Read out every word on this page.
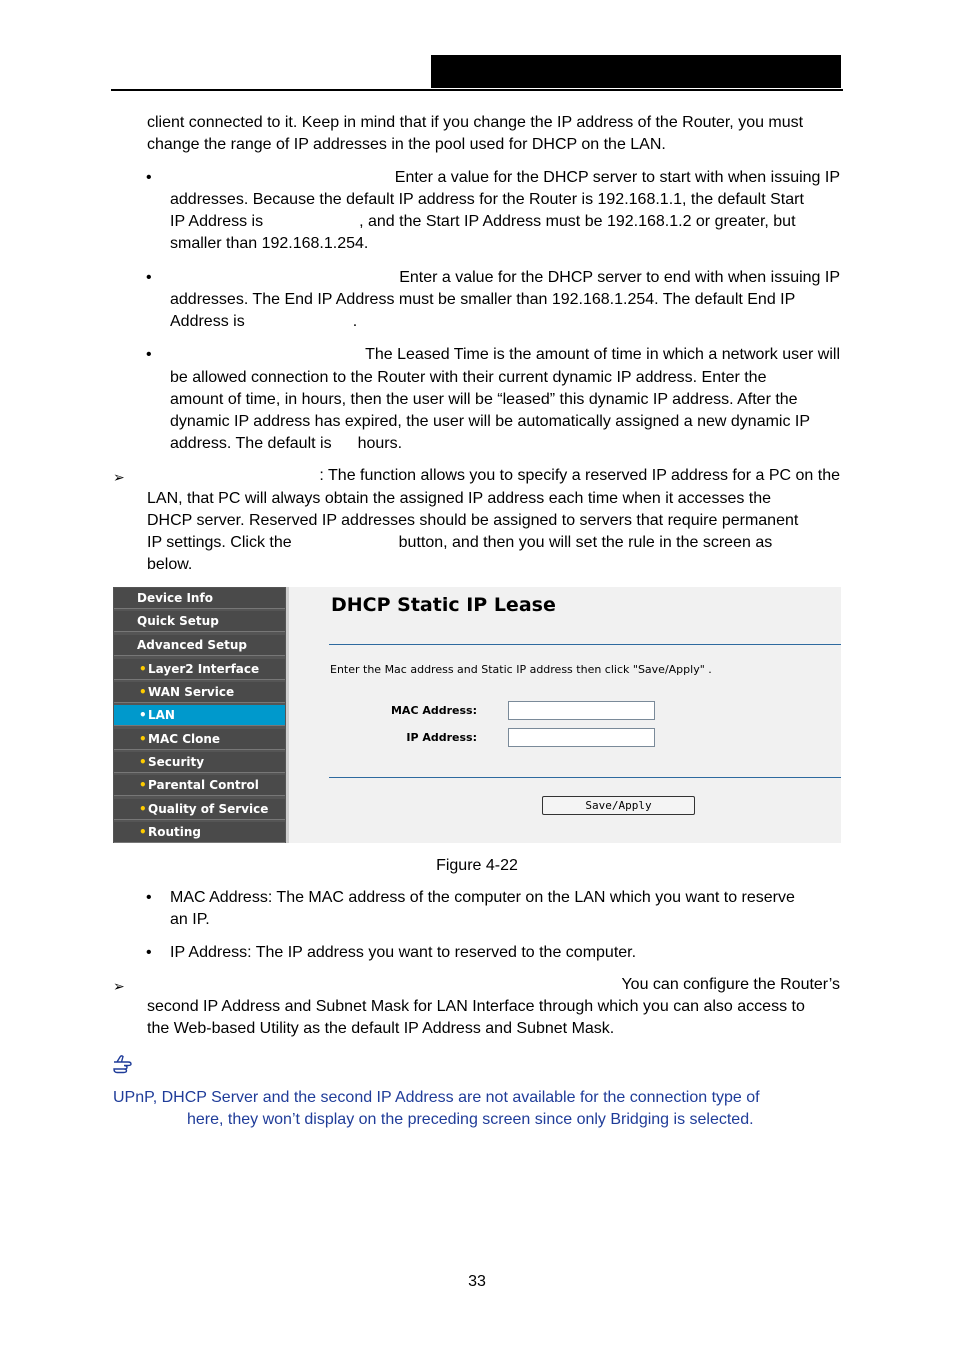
client connected to it. Keep in mind that if you change the IP address of the Router, you must

change the range of IP addresses in the pool used for DHCP on the LAN.

•	Enter a value for the DHCP server to start with when issuing IP

addresses. Because the default IP address for the Router is 192.168.1.1, the default Start

IP Address is	, and the Start IP Address must be 192.168.1.2 or greater, but

smaller than 192.168.1.254.

•	Enter a value for the DHCP server to end with when issuing IP

addresses. The End IP Address must be smaller than 192.168.1.254. The default End IP

Address is	.

•	The Leased Time is the amount of time in which a network user will

be allowed connection to the Router with their current dynamic IP address. Enter the

amount of time, in hours, then the user will be “leased” this dynamic IP address. After the

dynamic IP address has expired, the user will be automatically assigned a new dynamic IP

address. The default is hours.

➢	: The function allows you to specify a reserved IP address for a PC on the

LAN, that PC will always obtain the assigned IP address each time when it accesses the

DHCP server. Reserved IP addresses should be assigned to servers that require permanent

IP settings. Click the	button, and then you will set the rule in the screen as

below.

Device Info
Quick Setup
Advanced Setup
• Layer2 Interface
• WAN Service
• LAN
• MAC Clone
• Security
• Parental Control
• Quality of Service
• Routing
DHCP Static IP Lease
Enter the Mac address and Static IP address then click "Save/Apply" .
MAC Address:
IP Address:
Save/Apply
Figure 4-22
• MAC Address: The MAC address of the computer on the LAN which you want to reserve

an IP.

• IP Address: The IP address you want to reserved to the computer.

➢	You can configure the Router’s

second IP Address and Subnet Mask for LAN Interface through which you can also access to

the Web-based Utility as the default IP Address and Subnet Mask.

UPnP, DHCP Server and the second IP Address are not available for the connection type of

here, they won’t display on the preceding screen since only Bridging is selected.

33
